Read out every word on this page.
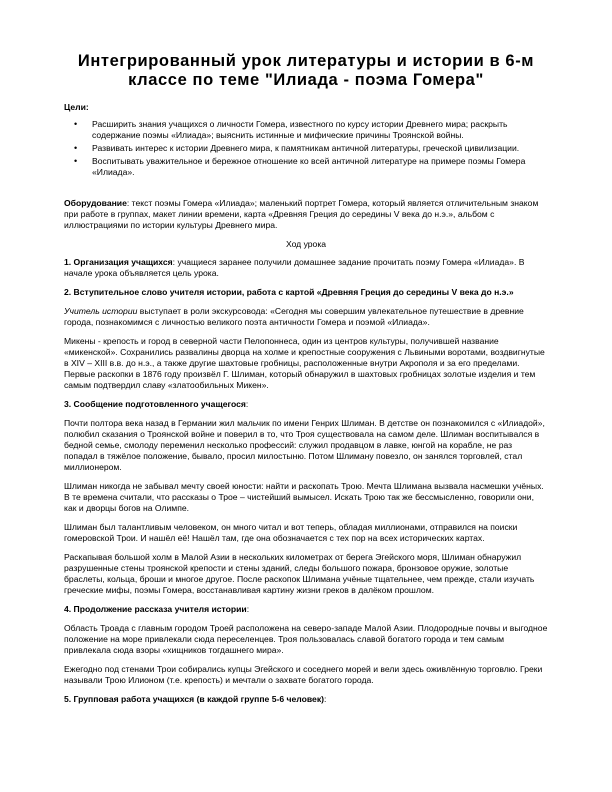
Интегрированный урок литературы и истории в 6-м классе по теме "Илиада - поэма Гомера"
Цели:
• Расширить знания учащихся о личности Гомера, известного по курсу истории Древнего мира; раскрыть содержание поэмы «Илиада»; выяснить истинные и мифические причины Троянской войны.
• Развивать интерес к истории Древнего мира, к памятникам античной литературы, греческой цивилизации.
• Воспитывать уважительное и бережное отношение ко всей античной литературе на примере поэмы Гомера «Илиада».

Оборудование: текст поэмы Гомера «Илиада»; маленький портрет Гомера, который является отличительным знаком при работе в группах, макет линии времени, карта «Древняя Греция до середины V века до н.э.», альбом с иллюстрациями по истории культуры Древнего мира.

Ход урока

1. Организация учащихся: учащиеся заранее получили домашнее задание прочитать поэму Гомера «Илиада». В начале урока объявляется цель урока.

2. Вступительное слово учителя истории, работа с картой «Древняя Греция до середины V века до н.э.»

Учитель истории выступает в роли экскурсовода: «Сегодня мы совершим увлекательное путешествие в древние города, познакомимся с личностью великого поэта античности Гомера и поэмой «Илиада».

Микены - крепость и город в северной части Пелопоннеса, один из центров культуры, получившей название «микенской». Сохранились развалины дворца на холме и крепостные сооружения с Львиными воротами, воздвигнутые в XIV – XIII в.в. до н.э., а также другие шахтовые гробницы, расположенные внутри Акрополя и за его пределами. Первые раскопки в 1876 году произвёл Г. Шлиман, который обнаружил в шахтовых гробницах золотые изделия и тем самым подтвердил славу «златообильных Микен».

3. Сообщение подготовленного учащегося:

Почти полтора века назад в Германии жил мальчик по имени Генрих Шлиман. В детстве он познакомился с «Илиадой», полюбил сказания о Троянской войне и поверил в то, что Троя существовала на самом деле. Шлиман воспитывался в бедной семье, смолоду переменил несколько профессий: служил продавцом в лавке, юнгой на корабле, не раз попадал в тяжёлое положение, бывало, просил милостыню. Потом Шлиману повезло, он занялся торговлей, стал миллионером.

Шлиман никогда не забывал мечту своей юности: найти и раскопать Трою. Мечта Шлимана вызвала насмешки учёных. В те времена считали, что рассказы о Трое – чистейший вымысел. Искать Трою так же бессмысленно, говорили они, как и дворцы богов на Олимпе.

Шлиман был талантливым человеком, он много читал и вот теперь, обладая миллионами, отправился на поиски гомеровской Трои. И нашёл её! Нашёл там, где она обозначается с тех пор на всех исторических картах.

Раскапывая большой холм в Малой Азии в нескольких километрах от берега Эгейского моря, Шлиман обнаружил разрушенные стены троянской крепости и стены зданий, следы большого пожара, бронзовое оружие, золотые браслеты, кольца, броши и многое другое. После раскопок Шлимана учёные тщательнее, чем прежде, стали изучать греческие мифы, поэмы Гомера, восстанавливая картину жизни греков в далёком прошлом.

4. Продолжение рассказа учителя истории:

Область Троада с главным городом Троей расположена на северо-западе Малой Азии. Плодородные почвы и выгодное положение на море привлекали сюда переселенцев. Троя пользовалась славой богатого города и тем самым привлекала сюда взоры «хищников тогдашнего мира».

Ежегодно под стенами Трои собирались купцы Эгейского и соседнего морей и вели здесь оживлённую торговлю. Греки называли Трою Илионом (т.е. крепость) и мечтали о захвате богатого города.

5. Групповая работа учащихся (в каждой группе 5-6 человек):
